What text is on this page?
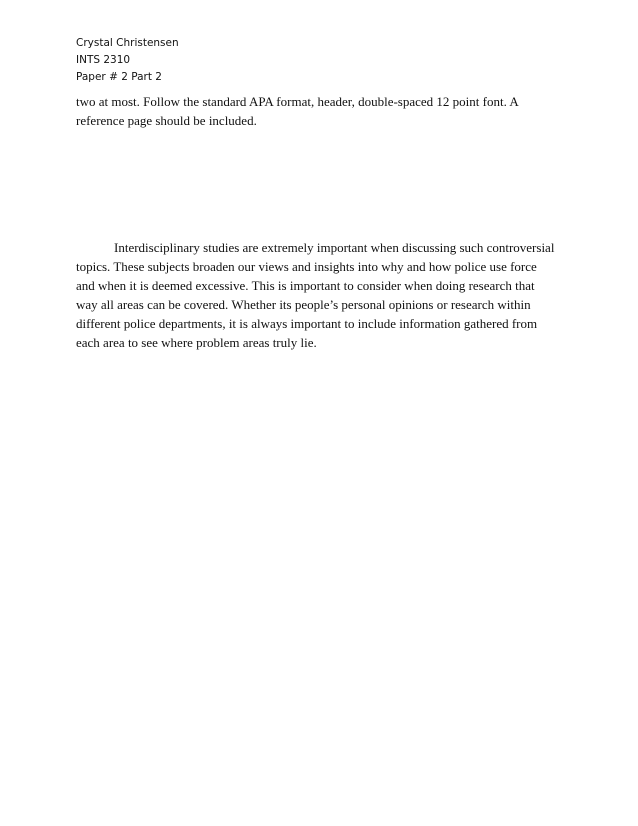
Crystal Christensen
INTS 2310
Paper # 2 Part 2

two at most. Follow the standard APA format, header, double-spaced 12 point font. A reference page should be included.

Interdisciplinary studies are extremely important when discussing such controversial topics. These subjects broaden our views and insights into why and how police use force and when it is deemed excessive. This is important to consider when doing research that way all areas can be covered. Whether its people’s personal opinions or research within different police departments, it is always important to include information gathered from each area to see where problem areas truly lie.
